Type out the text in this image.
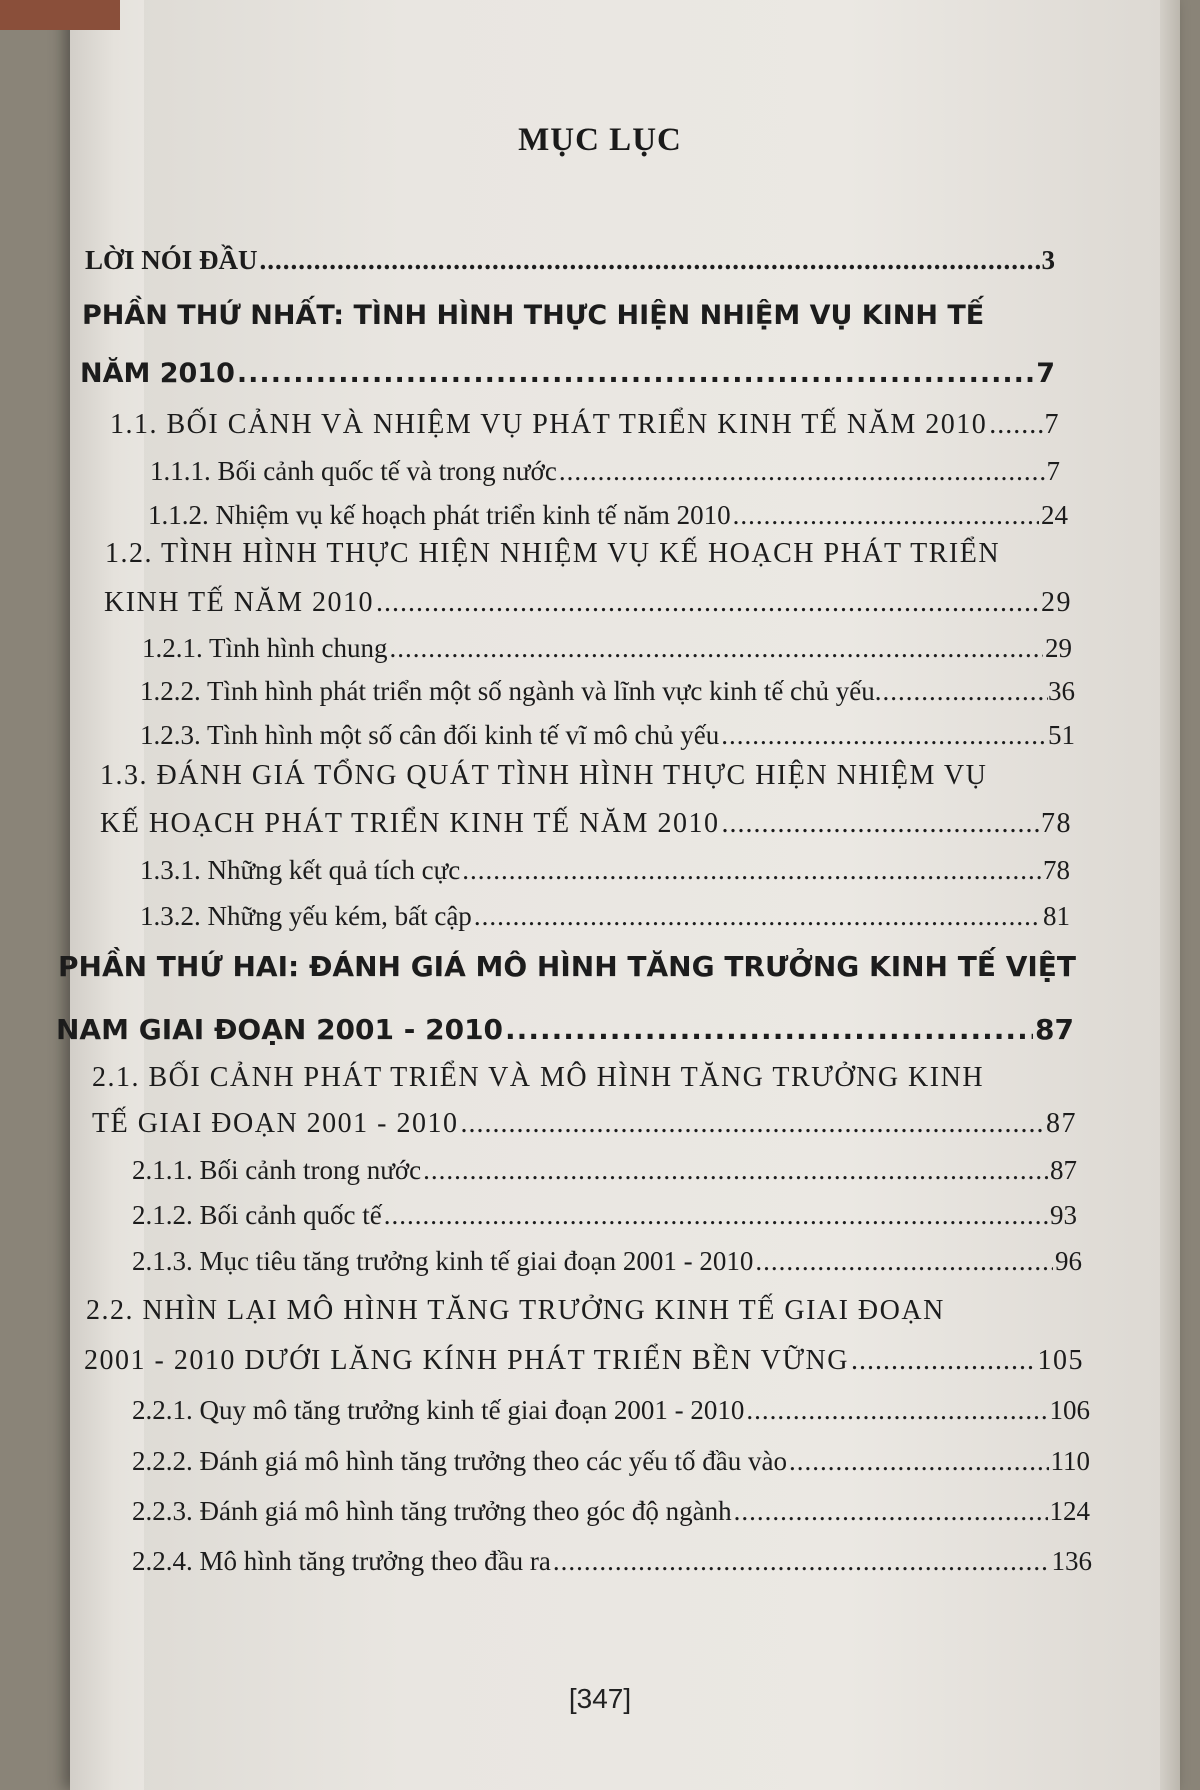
MỤC LỤC
LỜI NÓI ĐẦU .....	3
PHẦN THỨ NHẤT: TÌNH HÌNH THỰC HIỆN NHIỆM VỤ KINH TẾ
NĂM 2010 .....	7
1.1. BỐI CẢNH VÀ NHIỆM VỤ PHÁT TRIỂN KINH TẾ NĂM 2010 ..... 7
1.1.1. Bối cảnh quốc tế và trong nước .....	7
1.1.2. Nhiệm vụ kế hoạch phát triển kinh tế năm 2010 .....	24
1.2. TÌNH HÌNH THỰC HIỆN NHIỆM VỤ KẾ HOẠCH PHÁT TRIỂN
KINH TẾ NĂM 2010 .....	29
1.2.1. Tình hình chung .....	29
1.2.2. Tình hình phát triển một số ngành và lĩnh vực kinh tế chủ yếu .....	36
1.2.3. Tình hình một số cân đối kinh tế vĩ mô chủ yếu .....	51
1.3. ĐÁNH GIÁ TỔNG QUÁT TÌNH HÌNH THỰC HIỆN NHIỆM VỤ
KẾ HOẠCH PHÁT TRIỂN KINH TẾ NĂM 2010 .....	78
1.3.1. Những kết quả tích cực .....	78
1.3.2. Những yếu kém, bất cập .....	81
PHẦN THỨ HAI: ĐÁNH GIÁ MÔ HÌNH TĂNG TRƯỞNG KINH TẾ VIỆT
NAM GIAI ĐOẠN 2001 - 2010 .....	87
2.1. BỐI CẢNH PHÁT TRIỂN VÀ MÔ HÌNH TĂNG TRƯỞNG KINH
TẾ GIAI ĐOẠN 2001 - 2010 .....	87
2.1.1. Bối cảnh trong nước .....	87
2.1.2. Bối cảnh quốc tế .....	93
2.1.3. Mục tiêu tăng trưởng kinh tế giai đoạn 2001 - 2010 .....	96
2.2. NHÌN LẠI MÔ HÌNH TĂNG TRƯỞNG KINH TẾ GIAI ĐOẠN
2001 - 2010 DƯỚI LĂNG KÍNH PHÁT TRIỂN BỀN VỮNG .....	105
2.2.1. Quy mô tăng trưởng kinh tế giai đoạn 2001 - 2010 .....	106
2.2.2. Đánh giá mô hình tăng trưởng theo các yếu tố đầu vào .....	110
2.2.3. Đánh giá mô hình tăng trưởng theo góc độ ngành .....	124
2.2.4. Mô hình tăng trưởng theo đầu ra .....	136
[347]
